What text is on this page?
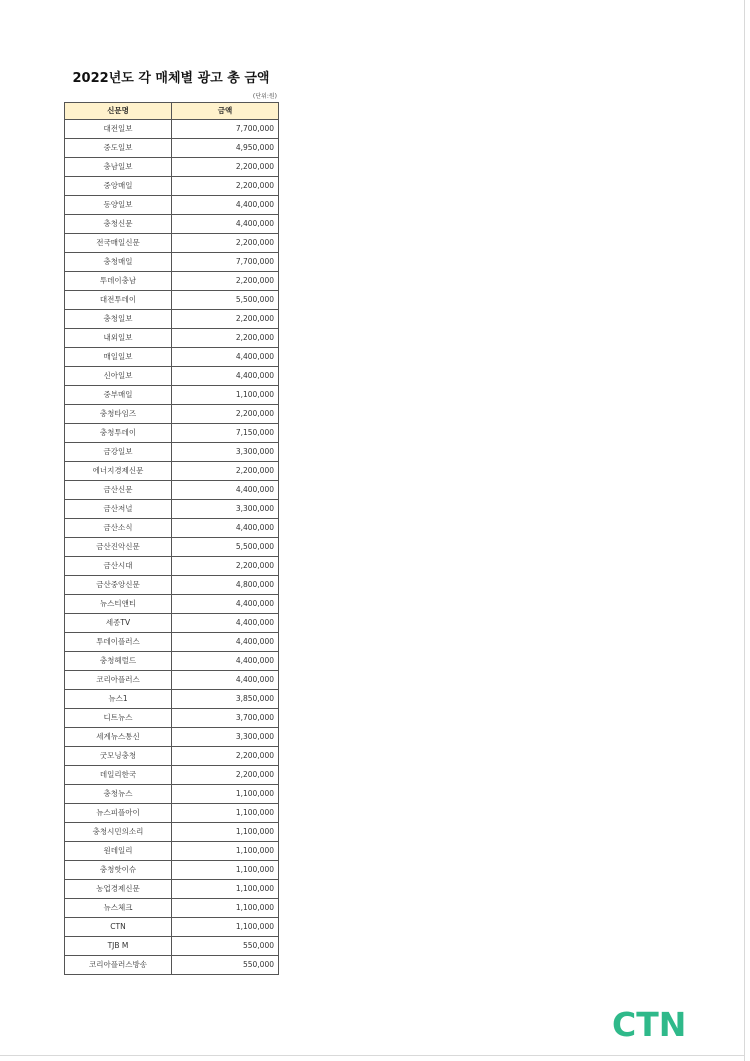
2022년도 각 매체별 광고 총 금액
(단위:원)
신문명	금액
대전일보	7,700,000
중도일보	4,950,000
충남일보	2,200,000
중앙매일	2,200,000
동양일보	4,400,000
충청신문	4,400,000
전국매일신문	2,200,000
충청매일	7,700,000
투데이충남	2,200,000
대전투데이	5,500,000
충청일보	2,200,000
내외일보	2,200,000
매일일보	4,400,000
신아일보	4,400,000
중부매일	1,100,000
충청타임즈	2,200,000
충청투데이	7,150,000
금강일보	3,300,000
에너지경제신문	2,200,000
금산신문	4,400,000
금산저널	3,300,000
금산소식	4,400,000
금산진악신문	5,500,000
금산시대	2,200,000
금산중앙신문	4,800,000
뉴스티앤티	4,400,000
세종TV	4,400,000
투데이플러스	4,400,000
충청헤럴드	4,400,000
코리아플러스	4,400,000
뉴스1	3,850,000
디트뉴스	3,700,000
세계뉴스통신	3,300,000
굿모닝충청	2,200,000
데일리한국	2,200,000
충청뉴스	1,100,000
뉴스피플아이	1,100,000
충청시민의소리	1,100,000
원데일리	1,100,000
충청핫이슈	1,100,000
농업경제신문	1,100,000
뉴스체크	1,100,000
CTN	1,100,000
TJB M	550,000
코리아플러스방송	550,000
CTN
